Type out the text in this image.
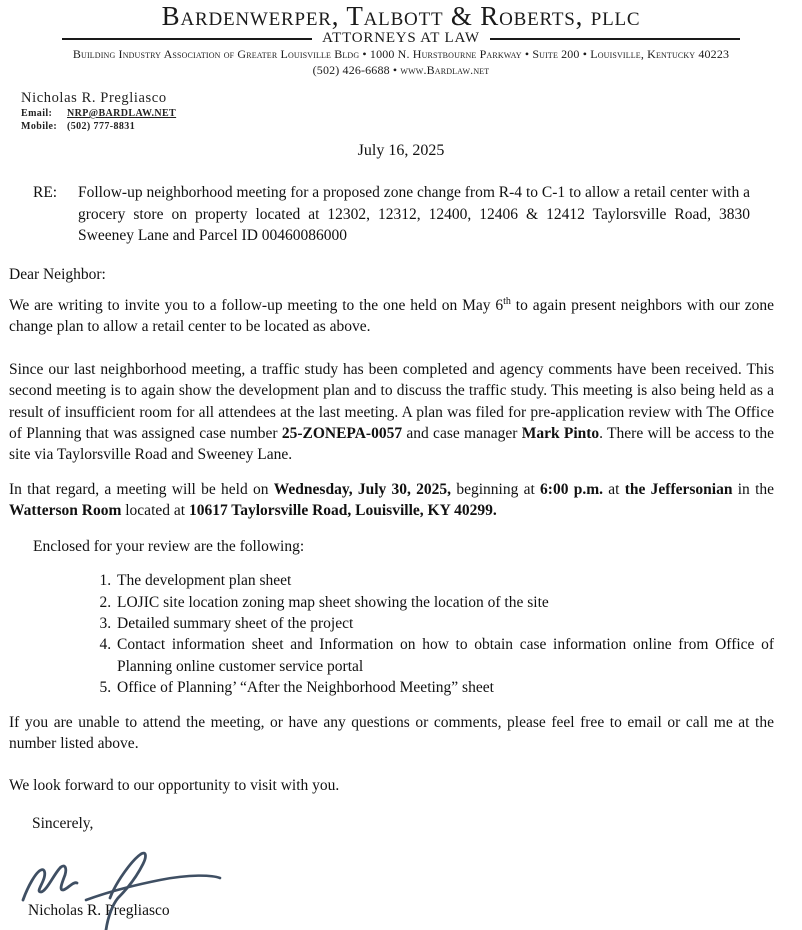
Bardenwerper, Talbott & Roberts, pllc
ATTORNEYS AT LAW
Building Industry Association of Greater Louisville Bldg • 1000 N. Hurstbourne Parkway • Suite 200 • Louisville, Kentucky 40223
(502) 426-6688 • www.Bardlaw.net
Nicholas R. Pregliasco
Email: NRP@BARDLAW.NET
Mobile: (502) 777-8831
July 16, 2025
RE:	Follow-up neighborhood meeting for a proposed zone change from R-4 to C-1 to allow a retail center with a grocery store on property located at 12302, 12312, 12400, 12406 & 12412 Taylorsville Road, 3830 Sweeney Lane and Parcel ID 00460086000

Dear Neighbor:

We are writing to invite you to a follow-up meeting to the one held on May 6th to again present neighbors with our zone change plan to allow a retail center to be located as above.

Since our last neighborhood meeting, a traffic study has been completed and agency comments have been received. This second meeting is to again show the development plan and to discuss the traffic study. This meeting is also being held as a result of insufficient room for all attendees at the last meeting. A plan was filed for pre-application review with The Office of Planning that was assigned case number 25-ZONEPA-0057 and case manager Mark Pinto. There will be access to the site via Taylorsville Road and Sweeney Lane.

In that regard, a meeting will be held on Wednesday, July 30, 2025, beginning at 6:00 p.m. at the Jeffersonian in the Watterson Room located at 10617 Taylorsville Road, Louisville, KY 40299.

Enclosed for your review are the following:

1. The development plan sheet
2. LOJIC site location zoning map sheet showing the location of the site
3. Detailed summary sheet of the project
4. Contact information sheet and Information on how to obtain case information online from Office of Planning online customer service portal
5. Office of Planning’ “After the Neighborhood Meeting” sheet

If you are unable to attend the meeting, or have any questions or comments, please feel free to email or call me at the number listed above.

We look forward to our opportunity to visit with you.

Sincerely,

Nicholas R. Pregliasco
